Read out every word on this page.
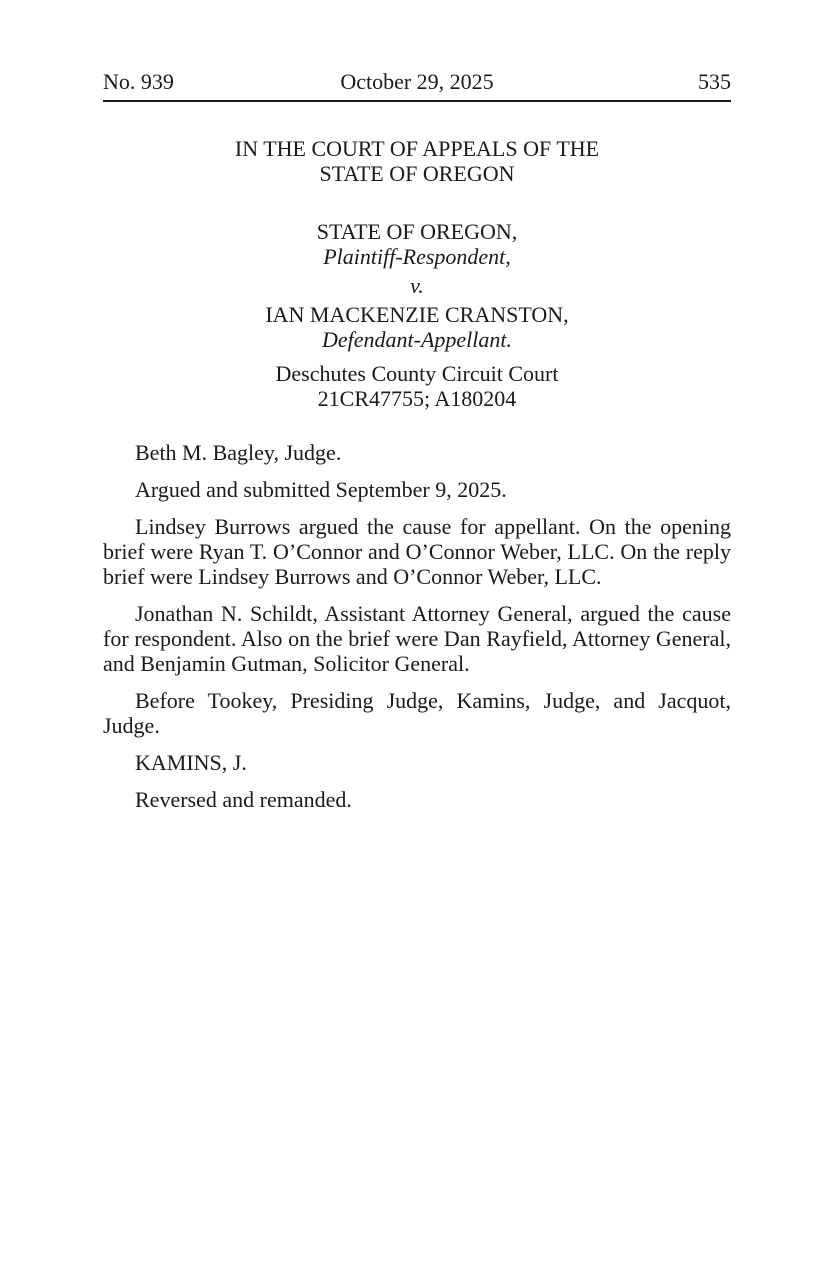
No. 939	October 29, 2025	535
IN THE COURT OF APPEALS OF THE
STATE OF OREGON
STATE OF OREGON,
Plaintiff-Respondent,
v.
IAN MACKENZIE CRANSTON,
Defendant-Appellant.
Deschutes County Circuit Court
21CR47755; A180204

Beth M. Bagley, Judge.

Argued and submitted September 9, 2025.

Lindsey Burrows argued the cause for appellant. On the opening brief were Ryan T. O’Connor and O’Connor Weber, LLC. On the reply brief were Lindsey Burrows and O’Connor Weber, LLC.

Jonathan N. Schildt, Assistant Attorney General, argued the cause for respondent. Also on the brief were Dan Rayfield, Attorney General, and Benjamin Gutman, Solicitor General.

Before Tookey, Presiding Judge, Kamins, Judge, and Jacquot, Judge.

KAMINS, J.

Reversed and remanded.
